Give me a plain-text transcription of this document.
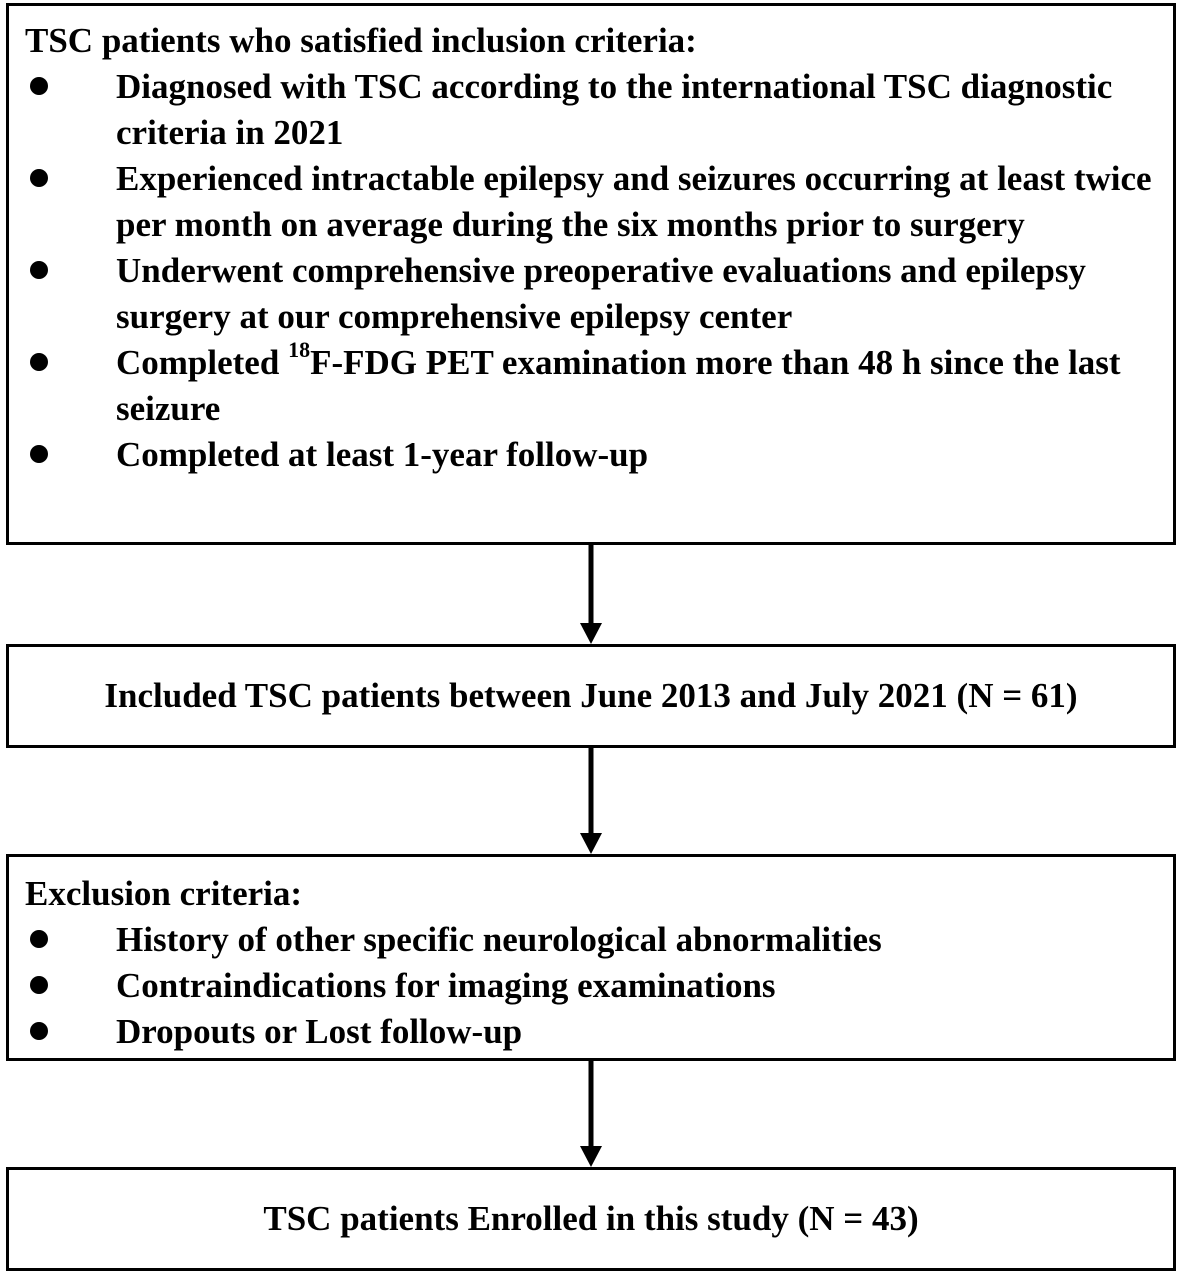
TSC patients who satisfied inclusion criteria:

Diagnosed with TSC according to the international TSC diagnostic criteria in 2021
Experienced intractable epilepsy and seizures occurring at least twice per month on average during the six months prior to surgery
Underwent comprehensive preoperative evaluations and epilepsy surgery at our comprehensive epilepsy center
Completed $^{18}$F-FDG PET examination more than 48 h since the last seizure
Completed at least 1-year follow-up
Included TSC patients between June 2013 and July 2021 (N = 61)

Exclusion criteria:

History of other specific neurological abnormalities
Contraindications for imaging examinations
Dropouts or Lost follow-up
TSC patients Enrolled in this study (N = 43)
